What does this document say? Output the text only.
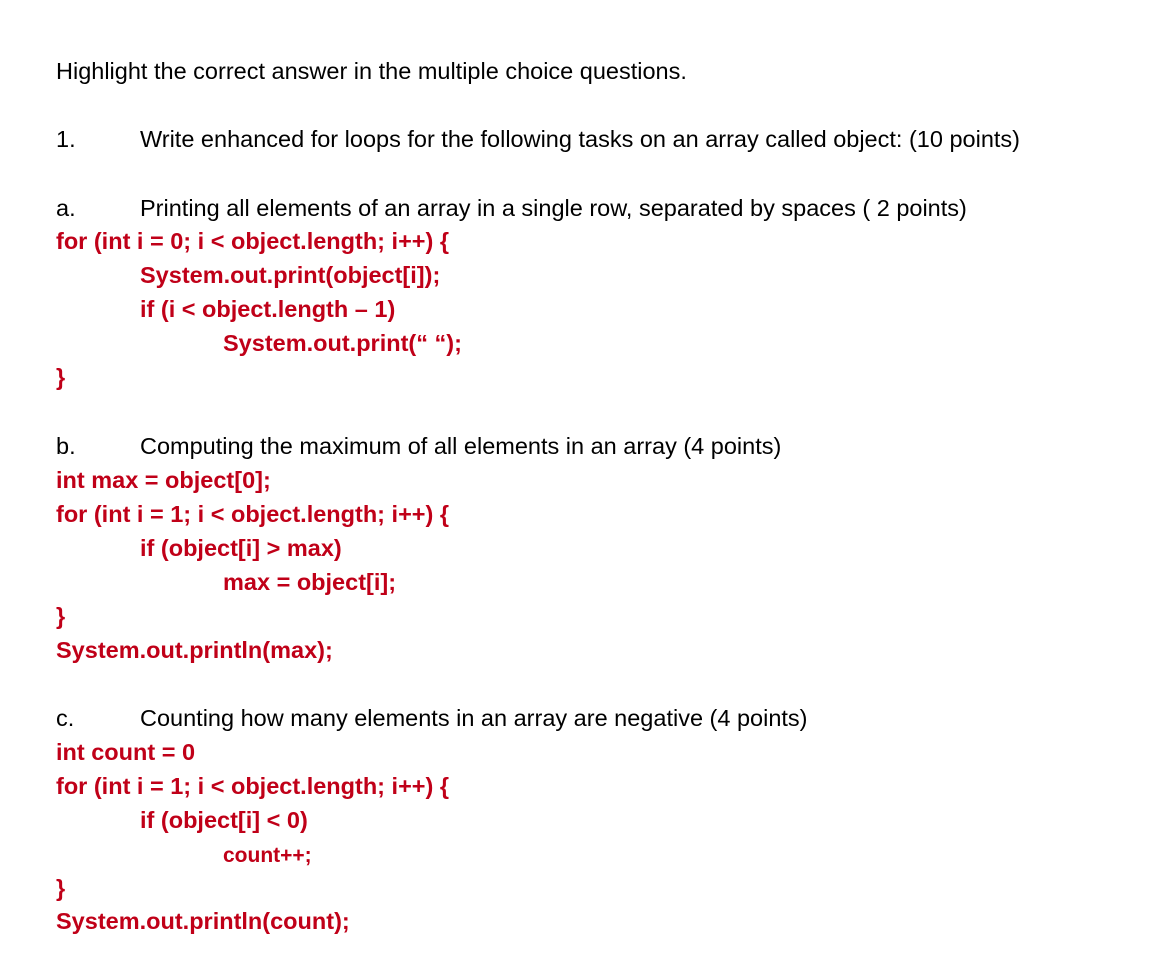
Highlight the correct answer in the multiple choice questions.
1.	Write enhanced for loops for the following tasks on an array called object: (10 points)
a.	Printing all elements of an array in a single row, separated by spaces ( 2 points)
for (int i = 0; i < object.length; i++) {
System.out.print(object[i]);
if (i < object.length – 1)
System.out.print(“ “);
}
b.	Computing the maximum of all elements in an array (4 points)
int max = object[0];
for (int i = 1; i < object.length; i++) {
if (object[i] > max)
max = object[i];
}
System.out.println(max);
c.	Counting how many elements in an array are negative (4 points)
int count = 0
for (int i = 1; i < object.length; i++) {
if (object[i] < 0)
count++;
}
System.out.println(count);
